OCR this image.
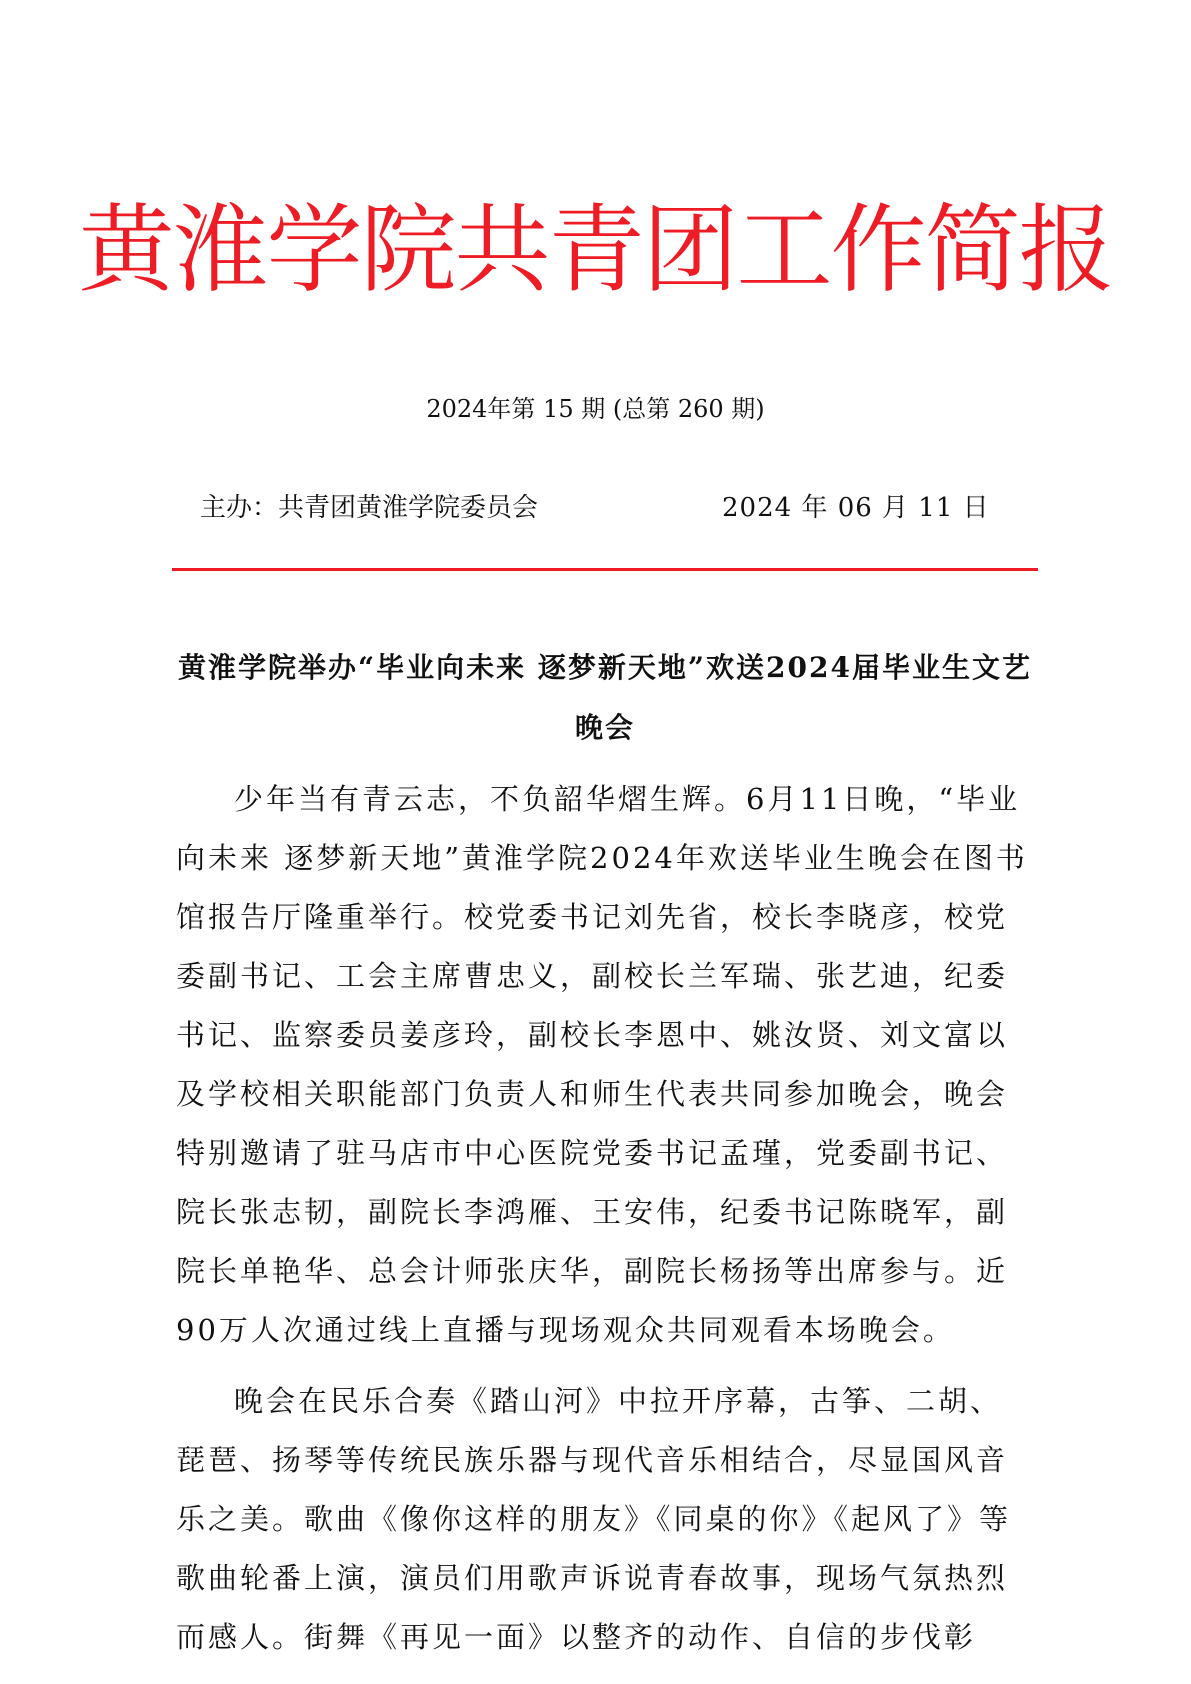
黄淮学院共青团工作简报
2024年第 15 期 (总第 260 期)
主办：共青团黄淮学院委员会	2024 年 06 月 11 日
黄淮学院举办“毕业向未来 逐梦新天地”欢送2024届毕业生文艺晚会

少年当有青云志，不负韶华熠生辉。6月11日晚，“毕业向未来 逐梦新天地”黄淮学院2024年欢送毕业生晚会在图书馆报告厅隆重举行。校党委书记刘先省，校长李晓彦，校党委副书记、工会主席曹忠义，副校长兰军瑞、张艺迪，纪委书记、监察委员姜彦玲，副校长李恩中、姚汝贤、刘文富以及学校相关职能部门负责人和师生代表共同参加晚会，晚会特别邀请了驻马店市中心医院党委书记孟瑾，党委副书记、院长张志韧，副院长李鸿雁、王安伟，纪委书记陈晓军，副院长单艳华、总会计师张庆华，副院长杨扬等出席参与。近90万人次通过线上直播与现场观众共同观看本场晚会。

晚会在民乐合奏《踏山河》中拉开序幕，古筝、二胡、琵琶、扬琴等传统民族乐器与现代音乐相结合，尽显国风音乐之美。歌曲《像你这样的朋友》《同桌的你》《起风了》等歌曲轮番上演，演员们用歌声诉说青春故事，现场气氛热烈而感人。街舞《再见一面》以整齐的动作、自信的步伐彰
